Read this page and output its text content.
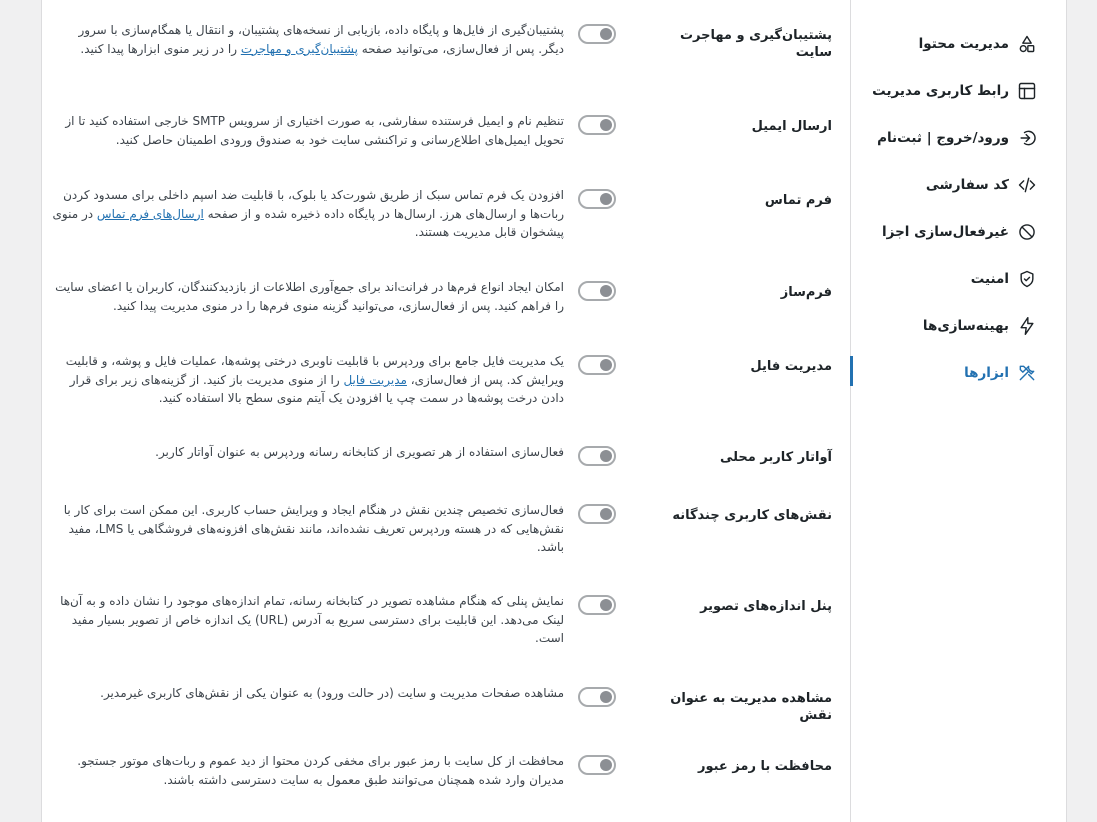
مدیریت محتوا
رابط کاربری مدیریت
ورود/خروج | ثبت‌نام
کد سفارشی
غیرفعال‌سازی اجزا
امنیت
بهینه‌سازی‌ها
ابزارها
پشتیبان‌گیری و مهاجرت سایت
پشتیبان‌گیری از فایل‌ها و پایگاه داده، بازیابی از نسخه‌های پشتیبان، و انتقال یا همگام‌سازی با سرور دیگر. پس از فعال‌سازی، می‌توانید صفحه پشتیبان‌گیری و مهاجرت را در زیر منوی ابزارها پیدا کنید.
ارسال ایمیل
تنظیم نام و ایمیل فرستنده سفارشی، به صورت اختیاری از سرویس SMTP خارجی استفاده کنید تا از تحویل ایمیل‌های اطلاع‌رسانی و تراکنشی سایت خود به صندوق ورودی اطمینان حاصل کنید.
فرم تماس
افزودن یک فرم تماس سبک از طریق شورت‌کد یا بلوک، با قابلیت ضد اسپم داخلی برای مسدود کردن ربات‌ها و ارسال‌های هرز. ارسال‌ها در پایگاه داده ذخیره شده و از صفحه ارسال‌های فرم تماس در منوی پیشخوان قابل مدیریت هستند.
فرم‌ساز
امکان ایجاد انواع فرم‌ها در فرانت‌اند برای جمع‌آوری اطلاعات از بازدیدکنندگان، کاربران یا اعضای سایت را فراهم کنید. پس از فعال‌سازی، می‌توانید گزینه منوی فرم‌ها را در منوی مدیریت پیدا کنید.
مدیریت فایل
یک مدیریت فایل جامع برای وردپرس با قابلیت ناوبری درختی پوشه‌ها، عملیات فایل و پوشه، و قابلیت ویرایش کد. پس از فعال‌سازی، مدیریت فایل را از منوی مدیریت باز کنید. از گزینه‌های زیر برای قرار دادن درخت پوشه‌ها در سمت چپ یا افزودن یک آیتم منوی سطح بالا استفاده کنید.
آواتار کاربر محلی
فعال‌سازی استفاده از هر تصویری از کتابخانه رسانه وردپرس به عنوان آواتار کاربر.
نقش‌های کاربری چندگانه
فعال‌سازی تخصیص چندین نقش در هنگام ایجاد و ویرایش حساب کاربری. این ممکن است برای کار با نقش‌هایی که در هسته وردپرس تعریف نشده‌اند، مانند نقش‌های افزونه‌های فروشگاهی یا LMS، مفید باشد.
پنل اندازه‌های تصویر
نمایش پنلی که هنگام مشاهده تصویر در کتابخانه رسانه، تمام اندازه‌های موجود را نشان داده و به آن‌ها لینک می‌دهد. این قابلیت برای دسترسی سریع به آدرس (URL) یک اندازه خاص از تصویر بسیار مفید است.
مشاهده مدیریت به عنوان نقش
مشاهده صفحات مدیریت و سایت (در حالت ورود) به عنوان یکی از نقش‌های کاربری غیرمدیر.
محافظت با رمز عبور
محافظت از کل سایت با رمز عبور برای مخفی کردن محتوا از دید عموم و ربات‌های موتور جستجو. مدیران وارد شده همچنان می‌توانند طبق معمول به سایت دسترسی داشته باشند.
